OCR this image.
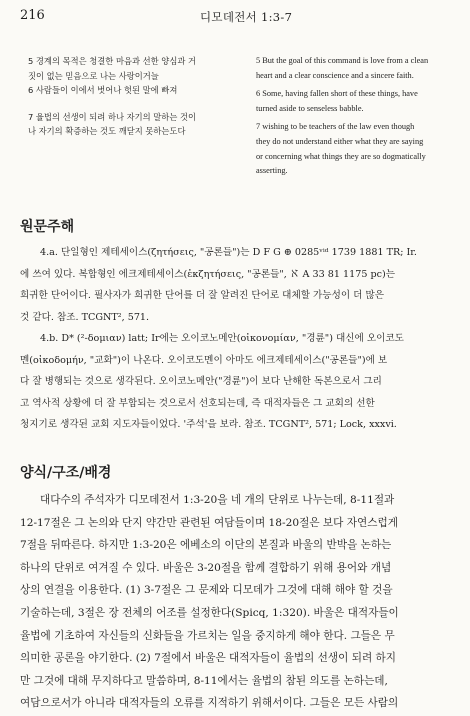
216	디모데전서 1:3-7
5 경계의 목적은 청결한 마음과 선한 양심과 거
짓이 없는 믿음으로 나는 사랑이거늘
6 사람들이 이에서 벗어나 헛된 말에 빠져
7 율법의 선생이 되려 하나 자기의 말하는 것이
나 자기의 확증하는 것도 깨닫지 못하는도다
5 But the goal of this command is love from a clean
heart and a clear conscience and a sincere faith.
6 Some, having fallen short of these things, have
turned aside to senseless babble.
7 wishing to be teachers of the law even though
they do not understand either what they are saying
or concerning what things they are so dogmatically
asserting.
원문주해
4.a. 단일형인 제테세이스(ζητήσεις, "공론들")는 D F G ⊕ 0285ᵛⁱᵈ 1739 1881 TR; Ir.
에 쓰여 있다. 복합형인 에크제테세이스(ἐκζητήσεις, "공론들", ℵ A 33 81 1175 pc)는
희귀한 단어이다. 필사자가 희귀한 단어를 더 잘 알려진 단어로 대체할 가능성이 더 많은
것 같다. 참조. TCGNT², 571.
4.b. D* (²-δομιαν) latt; Ir에는 오이코노메안(οἰκονομίαν, "경륜") 대신에 오이코도
멘(οἰκοδομήν, "교화")이 나온다. 오이코도멘이 아마도 에크제테세이스("공론들")에 보
다 잘 병행되는 것으로 생각된다. 오이코노메안("경륜")이 보다 난해한 독본으로서 그리
고 역사적 상황에 더 잘 부합되는 것으로서 선호되는데, 즉 대적자들은 그 교회의 선한
청지기로 생각된 교회 지도자들이었다. '주석'을 보라. 참조. TCGNT², 571; Lock, xxxvi.
양식/구조/배경
대다수의 주석자가 디모데전서 1:3-20을 네 개의 단위로 나누는데, 8-11절과
12-17절은 그 논의와 단지 약간만 관련된 여담들이며 18-20절은 보다 자연스럽게
7절을 뒤따른다. 하지만 1:3-20은 에베소의 이단의 본질과 바울의 반박을 논하는
하나의 단위로 여겨질 수 있다. 바울은 3-20절을 함께 결합하기 위해 용어와 개념
상의 연결을 이용한다. (1) 3-7절은 그 문제와 디모데가 그것에 대해 해야 할 것을
기술하는데, 3절은 장 전체의 어조를 설정한다(Spicq, 1:320). 바울은 대적자들이
율법에 기초하여 자신들의 신화들을 가르치는 일을 중지하게 해야 한다. 그들은 무
의미한 공론을 야기한다. (2) 7절에서 바울은 대적자들이 율법의 선생이 되려 하지
만 그것에 대해 무지하다고 말씀하며, 8-11에서는 율법의 참된 의도를 논하는데,
여담으로서가 아니라 대적자들의 오류를 지적하기 위해서이다. 그들은 모든 사람의
